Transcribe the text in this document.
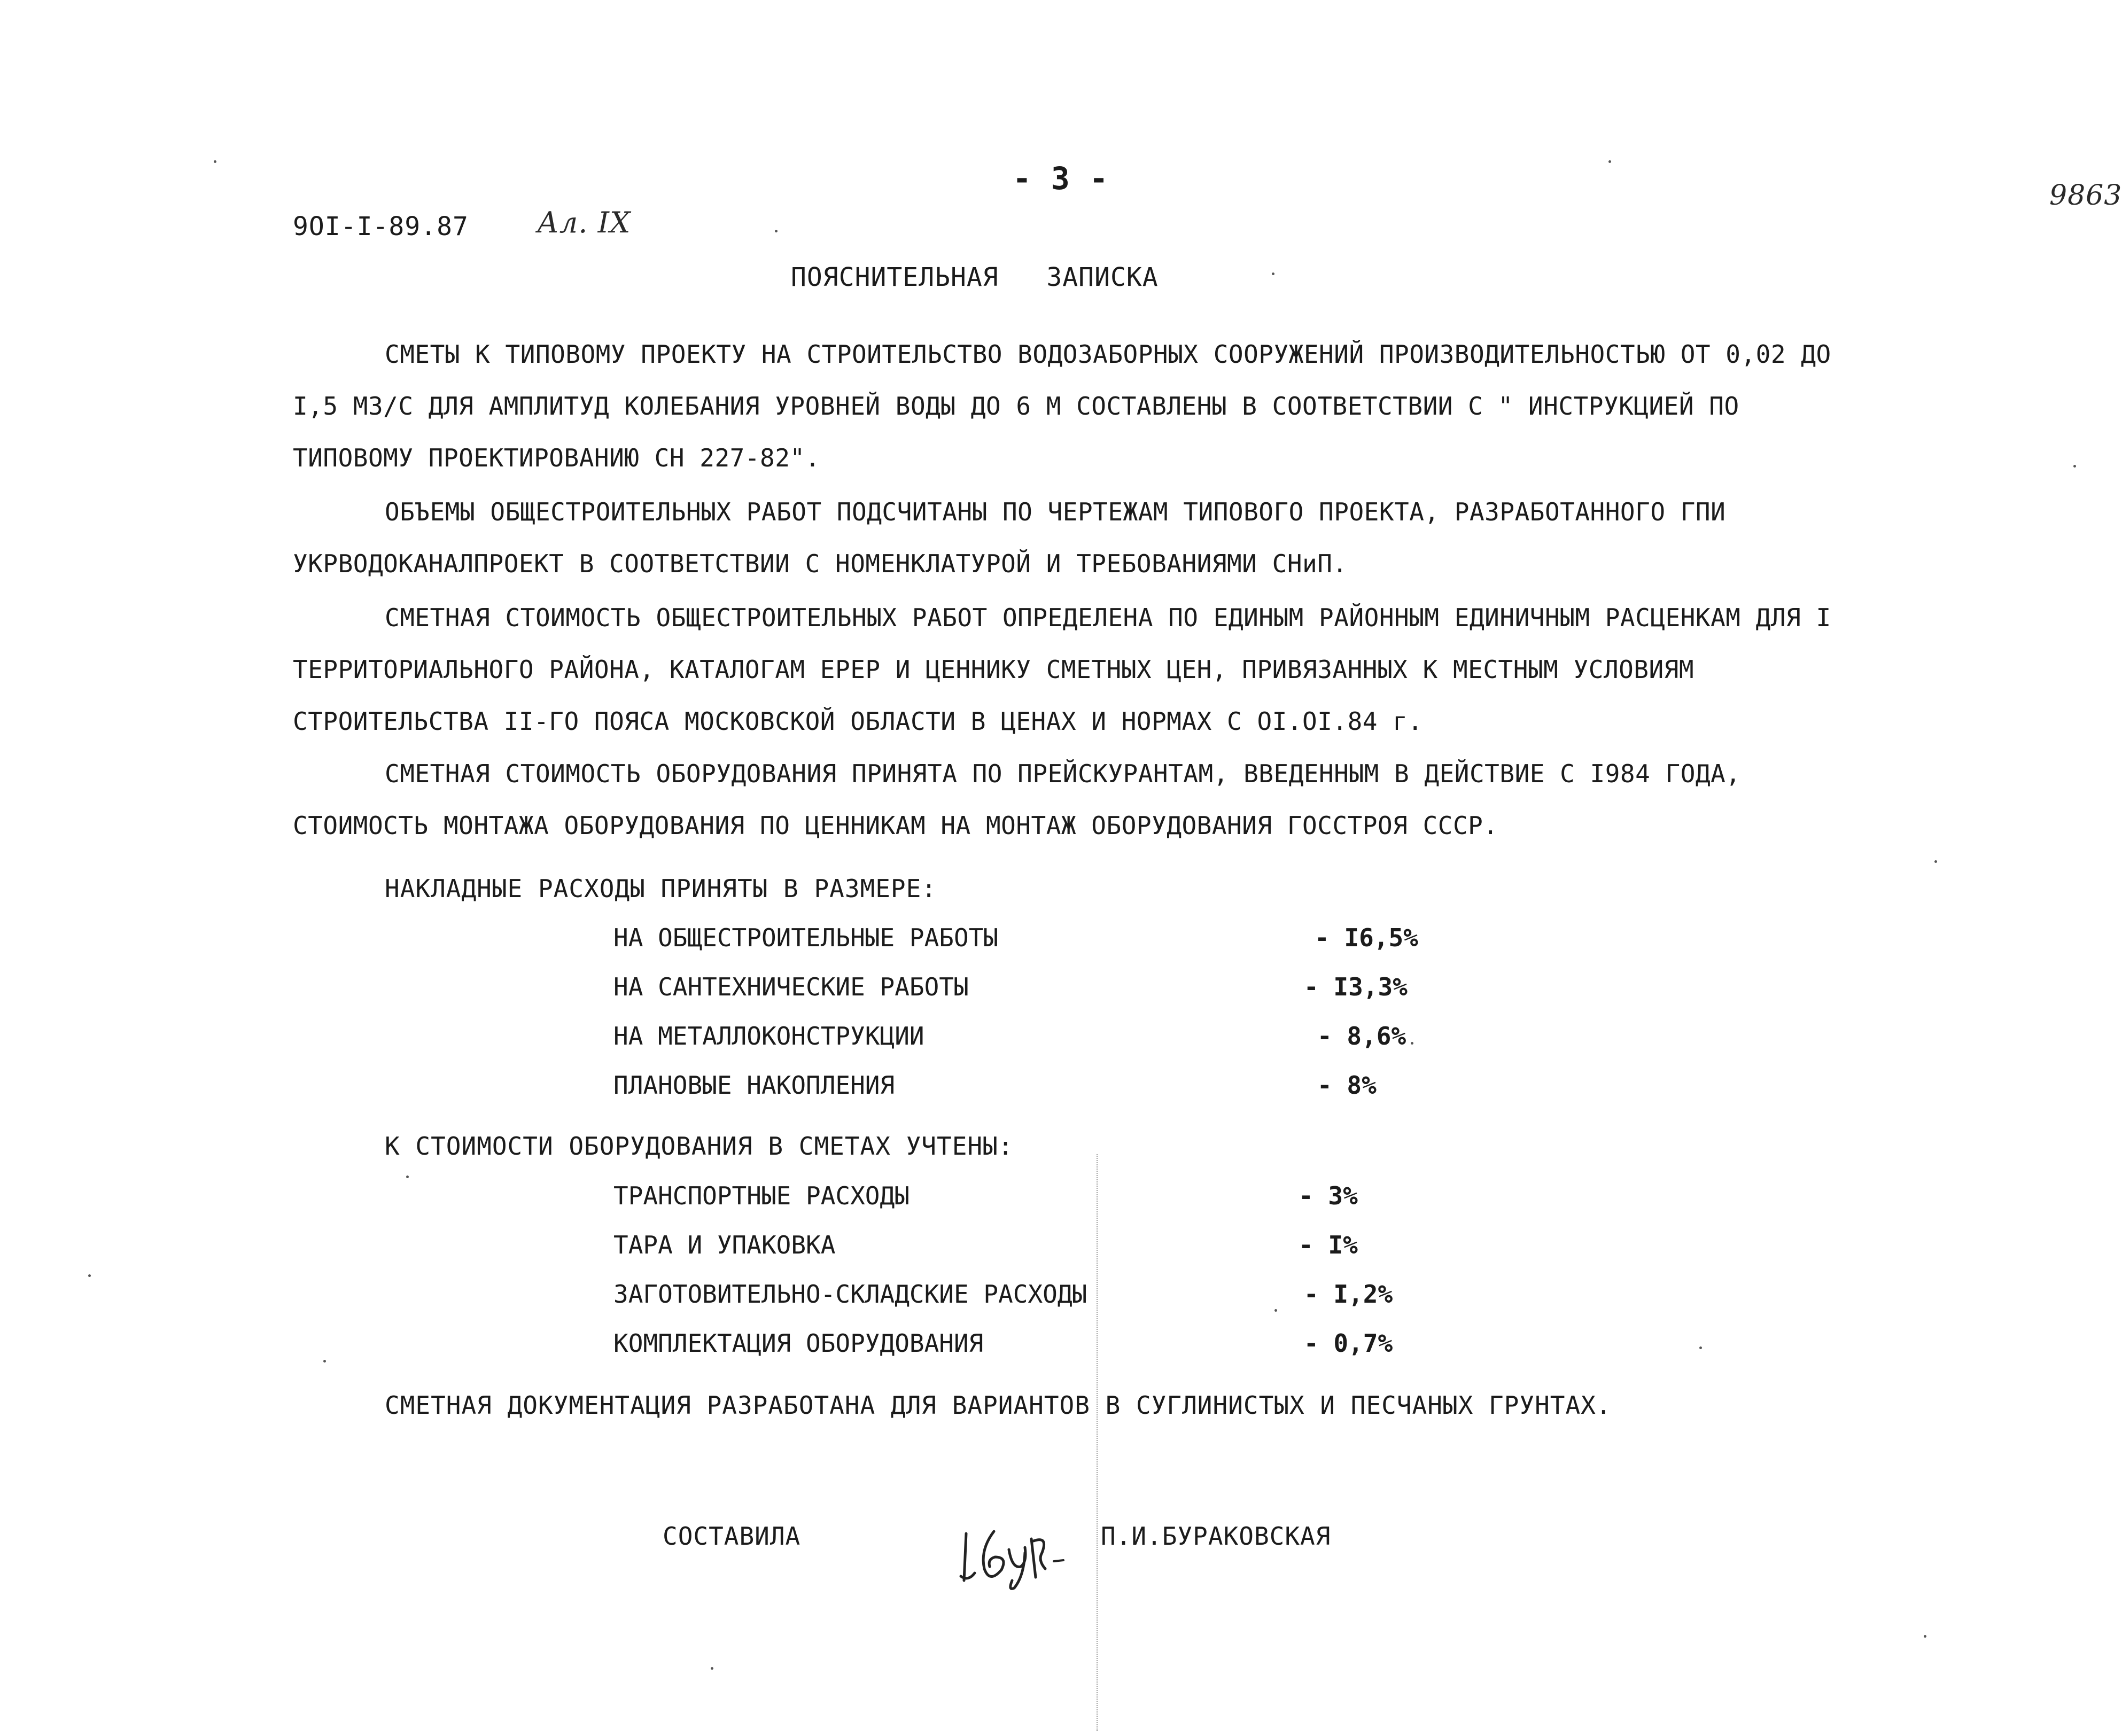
- 3 -
9OI-I-89.87 Ал. IX
9863
ПОЯСНИТЕЛЬНАЯ   ЗАПИСКА
СМЕТЫ К ТИПОВОМУ ПРОЕКТУ НА СТРОИТЕЛЬСТВО ВОДОЗАБОРНЫХ СООРУЖЕНИЙ ПРОИЗВОДИТЕЛЬНОСТЬЮ ОТ 0,02 ДО I,5 МЗ/С ДЛЯ АМПЛИТУД КОЛЕБАНИЯ УРОВНЕЙ ВОДЫ ДО 6 М СОСТАВЛЕНЫ В СООТВЕТСТВИИ С " ИНСТРУКЦИЕЙ ПО ТИПОВОМУ ПРОЕКТИРОВАНИЮ СН 227-82".
ОБЪЕМЫ ОБЩЕСТРОИТЕЛЬНЫХ РАБОТ ПОДСЧИТАНЫ ПО ЧЕРТЕЖАМ ТИПОВОГО ПРОЕКТА, РАЗРАБОТАННОГО ГПИ УКРВОДОКАНАЛПРОЕКТ В СООТВЕТСТВИИ С НОМЕНКЛАТУРОЙ И ТРЕБОВАНИЯМИ СНиП.
СМЕТНАЯ СТОИМОСТЬ ОБЩЕСТРОИТЕЛЬНЫХ РАБОТ ОПРЕДЕЛЕНА ПО ЕДИНЫМ РАЙОННЫМ ЕДИНИЧНЫМ РАСЦЕНКАМ ДЛЯ I ТЕРРИТОРИАЛЬНОГО РАЙОНА, КАТАЛОГАМ ЕРЕР И ЦЕННИКУ СМЕТНЫХ ЦЕН, ПРИВЯЗАННЫХ К МЕСТНЫМ УСЛОВИЯМ СТРОИТЕЛЬСТВА II-ГО ПОЯСА МОСКОВСКОЙ ОБЛАСТИ В ЦЕНАХ И НОРМАХ С OI.OI.84 г.
СМЕТНАЯ СТОИМОСТЬ ОБОРУДОВАНИЯ ПРИНЯТА ПО ПРЕЙСКУРАНТАМ, ВВЕДЕННЫМ В ДЕЙСТВИЕ С I984 ГОДА, СТОИМОСТЬ МОНТАЖА ОБОРУДОВАНИЯ ПО ЦЕННИКАМ НА МОНТАЖ ОБОРУДОВАНИЯ ГОССТРОЯ СССР.
НАКЛАДНЫЕ РАСХОДЫ ПРИНЯТЫ В РАЗМЕРЕ:
НА ОБЩЕСТРОИТЕЛЬНЫЕ РАБОТЫ	- I6,5%
НА САНТЕХНИЧЕСКИЕ РАБОТЫ	- I3,3%
НА МЕТАЛЛОКОНСТРУКЦИИ	- 8,6%
ПЛАНОВЫЕ НАКОПЛЕНИЯ	- 8%
К СТОИМОСТИ ОБОРУДОВАНИЯ В СМЕТАХ УЧТЕНЫ:
ТРАНСПОРТНЫЕ РАСХОДЫ	- 3%
ТАРА И УПАКОВКА	- I%
ЗАГОТОВИТЕЛЬНО-СКЛАДСКИЕ РАСХОДЫ	- I,2%
КОМПЛЕКТАЦИЯ ОБОРУДОВАНИЯ	- 0,7%
СМЕТНАЯ ДОКУМЕНТАЦИЯ РАЗРАБОТАНА ДЛЯ ВАРИАНТОВ В СУГЛИНИСТЫХ И ПЕСЧАНЫХ ГРУНТАХ.
СОСТАВИЛА	П.И.БУРАКОВСКАЯ
